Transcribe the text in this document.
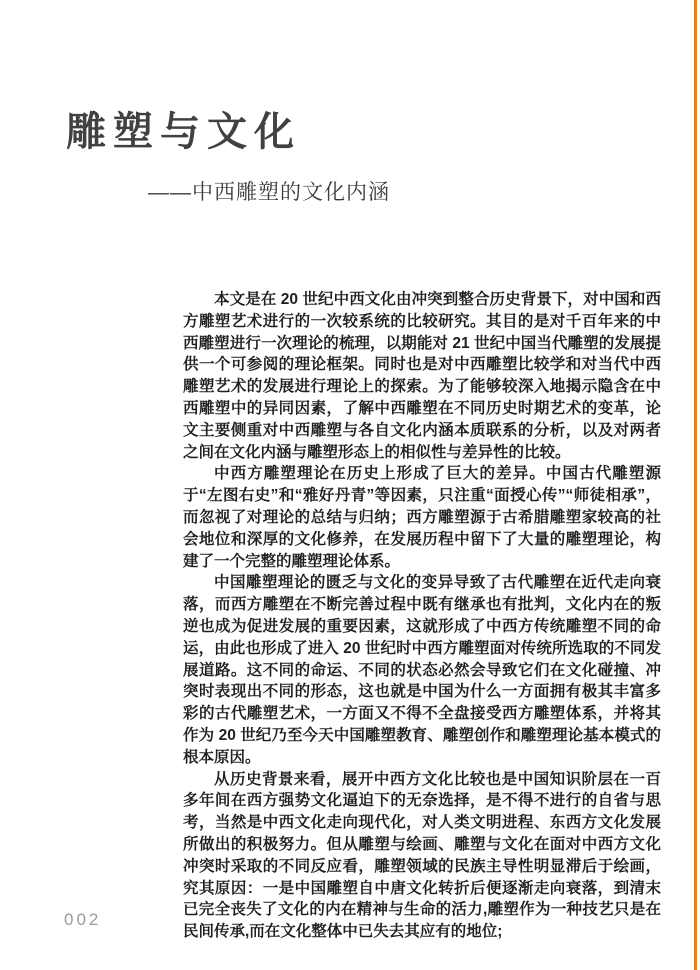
雕塑与文化
——中西雕塑的文化内涵

本文是在 20 世纪中西文化由冲突到整合历史背景下，对中国和西方雕塑艺术进行的一次较系统的比较研究。其目的是对千百年来的中西雕塑进行一次理论的梳理，以期能对 21 世纪中国当代雕塑的发展提供一个可参阅的理论框架。同时也是对中西雕塑比较学和对当代中西雕塑艺术的发展进行理论上的探索。为了能够较深入地揭示隐含在中西雕塑中的异同因素，了解中西雕塑在不同历史时期艺术的变革，论文主要侧重对中西雕塑与各自文化内涵本质联系的分析，以及对两者之间在文化内涵与雕塑形态上的相似性与差异性的比较。

中西方雕塑理论在历史上形成了巨大的差异。中国古代雕塑源于“左图右史”和“雅好丹青”等因素，只注重“面授心传”“师徒相承”，而忽视了对理论的总结与归纳；西方雕塑源于古希腊雕塑家较高的社会地位和深厚的文化修养，在发展历程中留下了大量的雕塑理论，构建了一个完整的雕塑理论体系。

中国雕塑理论的匮乏与文化的变异导致了古代雕塑在近代走向衰落，而西方雕塑在不断完善过程中既有继承也有批判，文化内在的叛逆也成为促进发展的重要因素，这就形成了中西方传统雕塑不同的命运，由此也形成了进入 20 世纪时中西方雕塑面对传统所选取的不同发展道路。这不同的命运、不同的状态必然会导致它们在文化碰撞、冲突时表现出不同的形态，这也就是中国为什么一方面拥有极其丰富多彩的古代雕塑艺术，一方面又不得不全盘接受西方雕塑体系，并将其作为 20 世纪乃至今天中国雕塑教育、雕塑创作和雕塑理论基本模式的根本原因。

从历史背景来看，展开中西方文化比较也是中国知识阶层在一百多年间在西方强势文化逼迫下的无奈选择，是不得不进行的自省与思考，当然是中西文化走向现代化，对人类文明进程、东西方文化发展所做出的积极努力。但从雕塑与绘画、雕塑与文化在面对中西方文化冲突时采取的不同反应看，雕塑领域的民族主导性明显滞后于绘画，究其原因：一是中国雕塑自中唐文化转折后便逐渐走向衰落，到清末已完全丧失了文化的内在精神与生命的活力,雕塑作为一种技艺只是在民间传承,而在文化整体中已失去其应有的地位;

002
